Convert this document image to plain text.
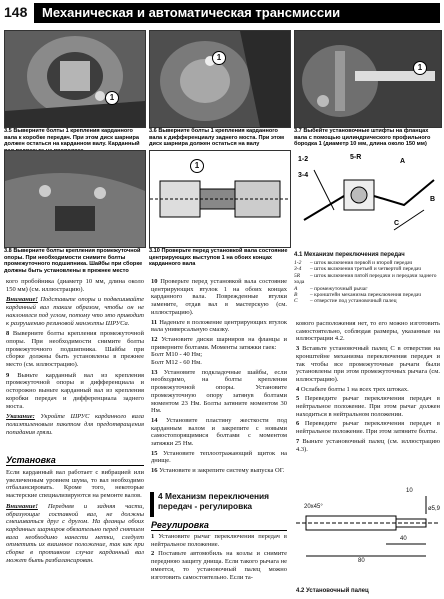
148	Механическая и автоматическая трансмиссии
1
3.5 Выверните болты 1 крепления карданного вала к коробке передач. При этом диск шарнира должен остаться на карданном валу. Карданный
1
3.6 Выверните болты 1 крепления карданного вала к дифференциалу заднего моста. При этом диск шарнира должен остаться на валу
1
3.7 Выбейте установочные штифты на фланцах вала с помощью цилиндрического профильного бородка 1 (диаметр 10 мм, длина около 150 мм)
3.8 Выверните болты крепления промежуточной опоры. При необходимости снимите болты промежуточного подшипника. Шайбы при сборке должны быть установлены в прежнее место
1
3.10 Проверьте перед установкой вала состояние центрирующих выступов 1 на обоих концах карданного вала
1-2
3-4
5-R
A
B
C
4.1 Механизм переключения передач
1-2 – шток включения первой и второй передач
3-4 – шток включения третьей и четвертой передач
5R – шток включения пятой передачи и передачи заднего хода
A – промежуточный рычаг
B – кронштейн механизма переключения передач
C – отверстие под установочный палец

кого пробойника (диаметр 10 мм, длина около 150 мм) (см. иллюстрацию).

Внимание! Подставьте опоры и подвешивайте карданный вал таким образом, чтобы он не наклонялся под углом, потому что это приводит к разрушению резиновой манжеты ШРУСа.

8 Выверните болты крепления промежуточной опоры. При необходимости снимите болты промежуточного подшипника. Шайбы при сборке должны быть установлены в прежнее место (см. иллюстрацию).

9 Выньте карданный вал из крепления промежуточной опоры и дифференциала и осторожно выньте карданный вал из крепления коробки передач и дифференциала заднего моста.

Указание: Укройте ШРУС карданного вала полиэтиленовым пакетом для предотвращения попадания грязи.

Установка

Если карданный вал работает с вибрацией или увеличенным уровнем шума, то вал необходимо отбалансировать. Кроме того, некоторые мастерские специализируются на ремонте валов.

Внимание! Передняя и задняя части, образующие составной вал, не должны смешиваться друг с другом. На фланцы обоих карданных шарниров обязательно перед снятием вала необходимо нанести метки, следует отметить их взаимное положение, так как при сборке в противном случае карданный вал может быть разбалансирован.

10 Проверьте перед установкой вала состояние центрирующих втулок 1 на обоих концах карданного вала. Поврежденные втулки замените, отдав вал в мастерскую (см. иллюстрацию).

11 Наденьте в положение центрирующих втулок вала универсальную смазку.

12 Установите диски шарниров на фланцы и приверните болтами. Моменты затяжки гаек:

Болт M10 - 40 Нм;

Болт M12 - 60 Нм.

13 Установите подкладочные шайбы, если необходимо, на болты крепления промежуточной опоры. Установите промежуточную опору затянув болтами моментом 23 Нм. Болты затяните моментом 30 Нм.

14 Установите пластину жесткости под карданным валом и закрепите с новыми самостопорящимися болтами с моментом затяжки 25 Нм.

15 Установите теплоотражающий щиток на днище.

16 Установите и закрепите систему выпуска ОГ.

4 Механизм переключения передач - регулировка
Регулировка

1 Установите рычаг переключения передач в нейтральное положение.

2 Поставьте автомобиль на козлы и снимите переднюю защиту днища. Если такого рычага не имеется, то установочный палец можно изготовить самостоятельно. Если та-

кового расположения нет, то его можно изготовить самостоятельно, соблюдая размеры, указанные на иллюстрации 4.2.

3 Вставьте установочный палец C в отверстия на кронштейне механизма переключения передач и так чтобы все промежуточные рычаги были установлены при этом промежуточных рычага (см. иллюстрацию).

4 Ослабьте болты 1 на всех трех штоках.

5 Переведите рычаг переключения передач в нейтральное положение. При этом рычаг должен находиться в нейтральном положении.

6 Переведите рычаг переключения передач в нейтральное положение. При этом затяните болты.

7 Выньте установочный палец (см. иллюстрацию 4.3).

10
ø5,9
40
80
20x45°
4.2 Установочный палец
